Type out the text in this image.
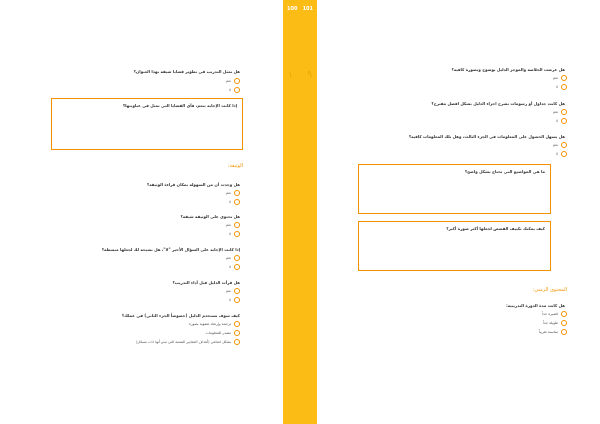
هل تمثل التدريب في تطوير قضايا شيقة بهذا العنوان؟
نعم
لا
إذا كانت الإجابة بنعم، فأي القضايا التي تمثل في عناوينها؟
الوثيقة:
هل وجدت أن من السهولة بمكان قراءة الوثيقة؟
نعم
لا
هل تحتوي على الوثيقة شيقة؟
نعم
لا
إذا كانت الإجابة على السؤال الأخير "لا"، هل نصيحة لك لجعلها مبسطة؟
نعم
لا
هل قرأت الدليل قبل أداء التدريب؟
نعم
لا
كيف سوف تستخدم الدليل (خصوصاً الجزء الثاني) في عملك؟
ترجمة وإرشاد شفوية بصورة
مصدر للمعلومات
بشكل اتجاهي (أهداف المعايير الصعبة التي تبدو أنها ذات مسائل)
100 101
١ ٩
هل عرضت الخلاصة والموجز الدليل بوضوح وبصورة كافية؟
نعم
لا
هل كانت جداول أو رسومات تشرح اجزاء الدليل بشكل افضل مقترح؟
نعم
لا
هل يسهل الحصول على المعلومات في الجزء الثالث، وهل تلك المعلومات كافية؟
نعم
لا
ما هي المواضيع التي تحتاج بشكل واضح؟
كيف يمكنك تكييف القصص لجعلها أكثر صورة أكبر؟
المحتوى الزمني:
هل كانت مدة الدورة التدريبية:
قصيرة جداً
طويلة جداً
مناسبة تقريباً
